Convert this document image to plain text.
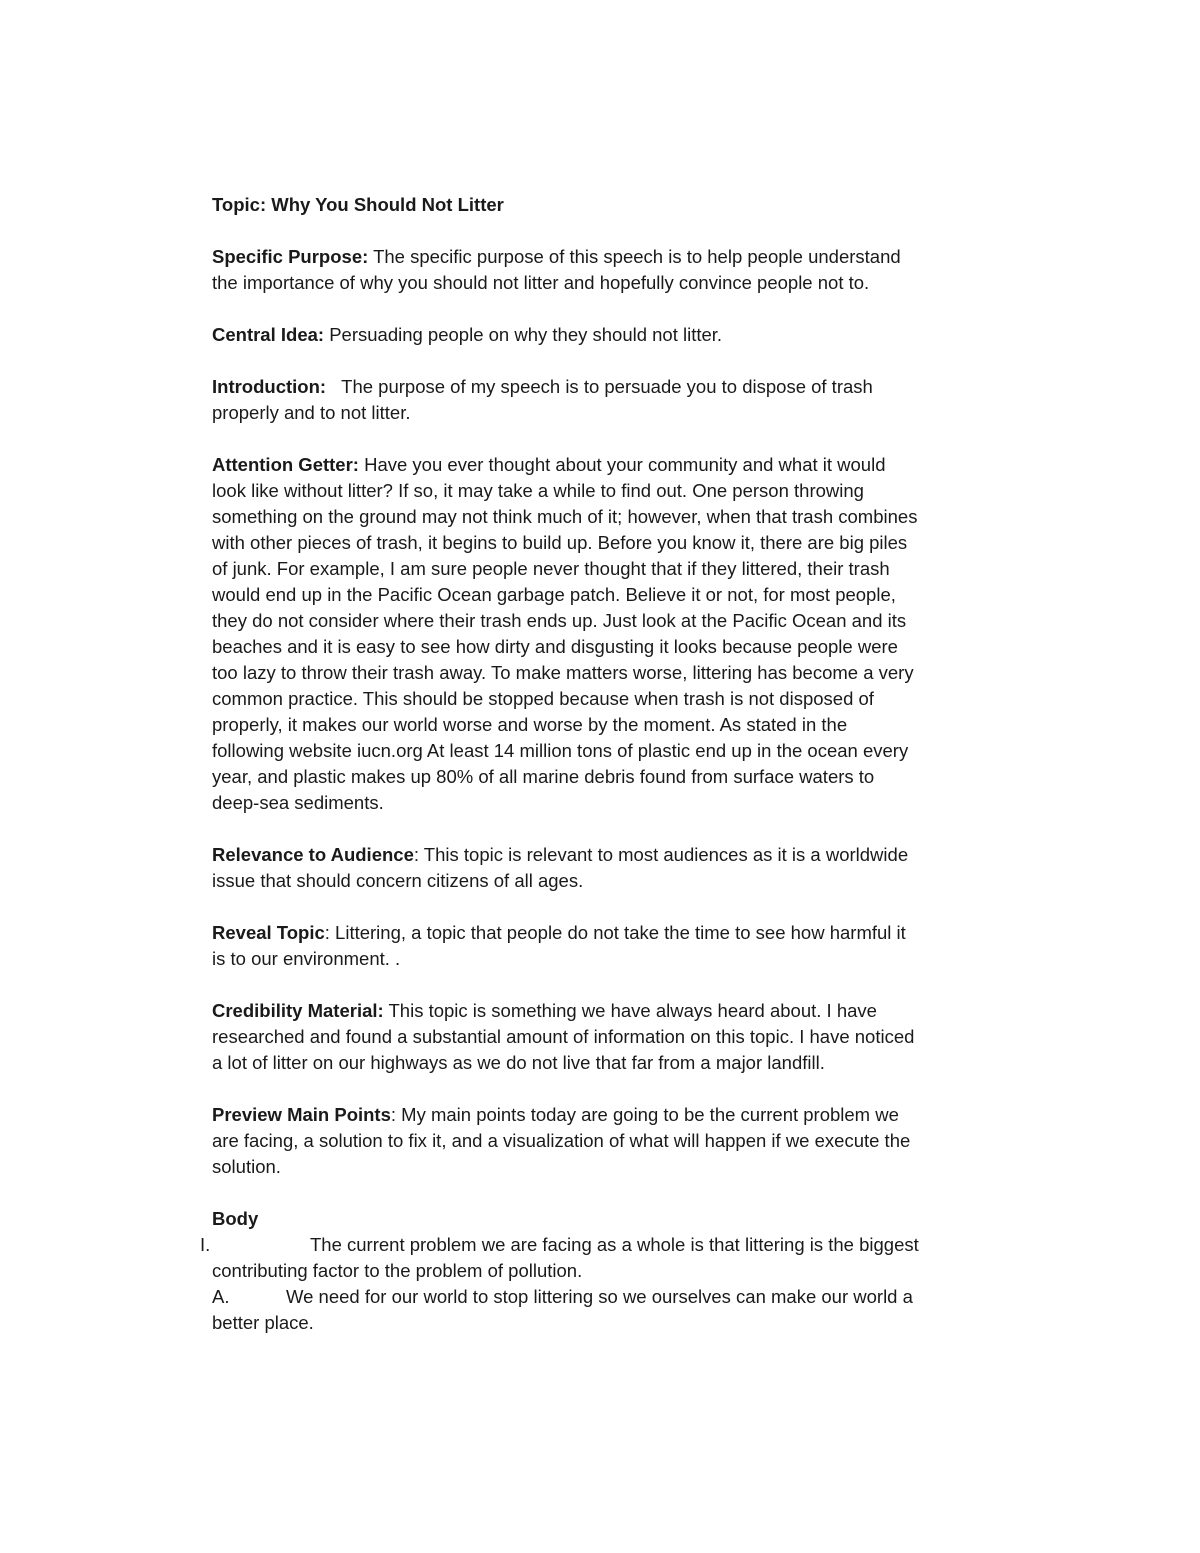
Topic: Why You Should Not Litter

Specific Purpose: The specific purpose of this speech is to help people understand the importance of why you should not litter and hopefully convince people not to.

Central Idea: Persuading people on why they should not litter.

Introduction:   The purpose of my speech is to persuade you to dispose of trash properly and to not litter.

Attention Getter: Have you ever thought about your community and what it would look like without litter? If so, it may take a while to find out. One person throwing something on the ground may not think much of it; however, when that trash combines with other pieces of trash, it begins to build up. Before you know it, there are big piles of junk. For example, I am sure people never thought that if they littered, their trash would end up in the Pacific Ocean garbage patch. Believe it or not, for most people, they do not consider where their trash ends up. Just look at the Pacific Ocean and its beaches and it is easy to see how dirty and disgusting it looks because people were too lazy to throw their trash away. To make matters worse, littering has become a very common practice. This should be stopped because when trash is not disposed of properly, it makes our world worse and worse by the moment. As stated in the following website iucn.org At least 14 million tons of plastic end up in the ocean every year, and plastic makes up 80% of all marine debris found from surface waters to deep-sea sediments.

Relevance to Audience: This topic is relevant to most audiences as it is a worldwide issue that should concern citizens of all ages.

Reveal Topic: Littering, a topic that people do not take the time to see how harmful it is to our environment. .

Credibility Material: This topic is something we have always heard about. I have researched and found a substantial amount of information on this topic. I have noticed a lot of litter on our highways as we do not live that far from a major landfill.

Preview Main Points: My main points today are going to be the current problem we are facing, a solution to fix it, and a visualization of what will happen if we execute the solution.

Body

I.	The current problem we are facing as a whole is that littering is the biggest contributing factor to the problem of pollution.

A.	We need for our world to stop littering so we ourselves can make our world a better place.
